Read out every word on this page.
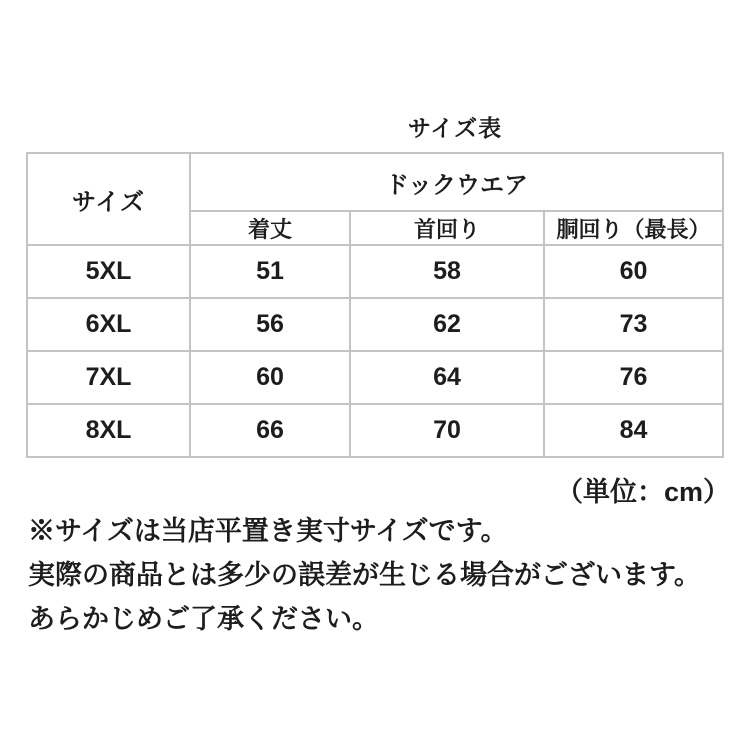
サイズ表
サイズ	ドックウエア		
	着丈	首回り	胴回り（最長）
5XL	51	58	60
6XL	56	62	73
7XL	60	64	76
8XL	66	70	84
（単位：cm）
※サイズは当店平置き実寸サイズです。
実際の商品とは多少の誤差が生じる場合がございます。
あらかじめご了承ください。
